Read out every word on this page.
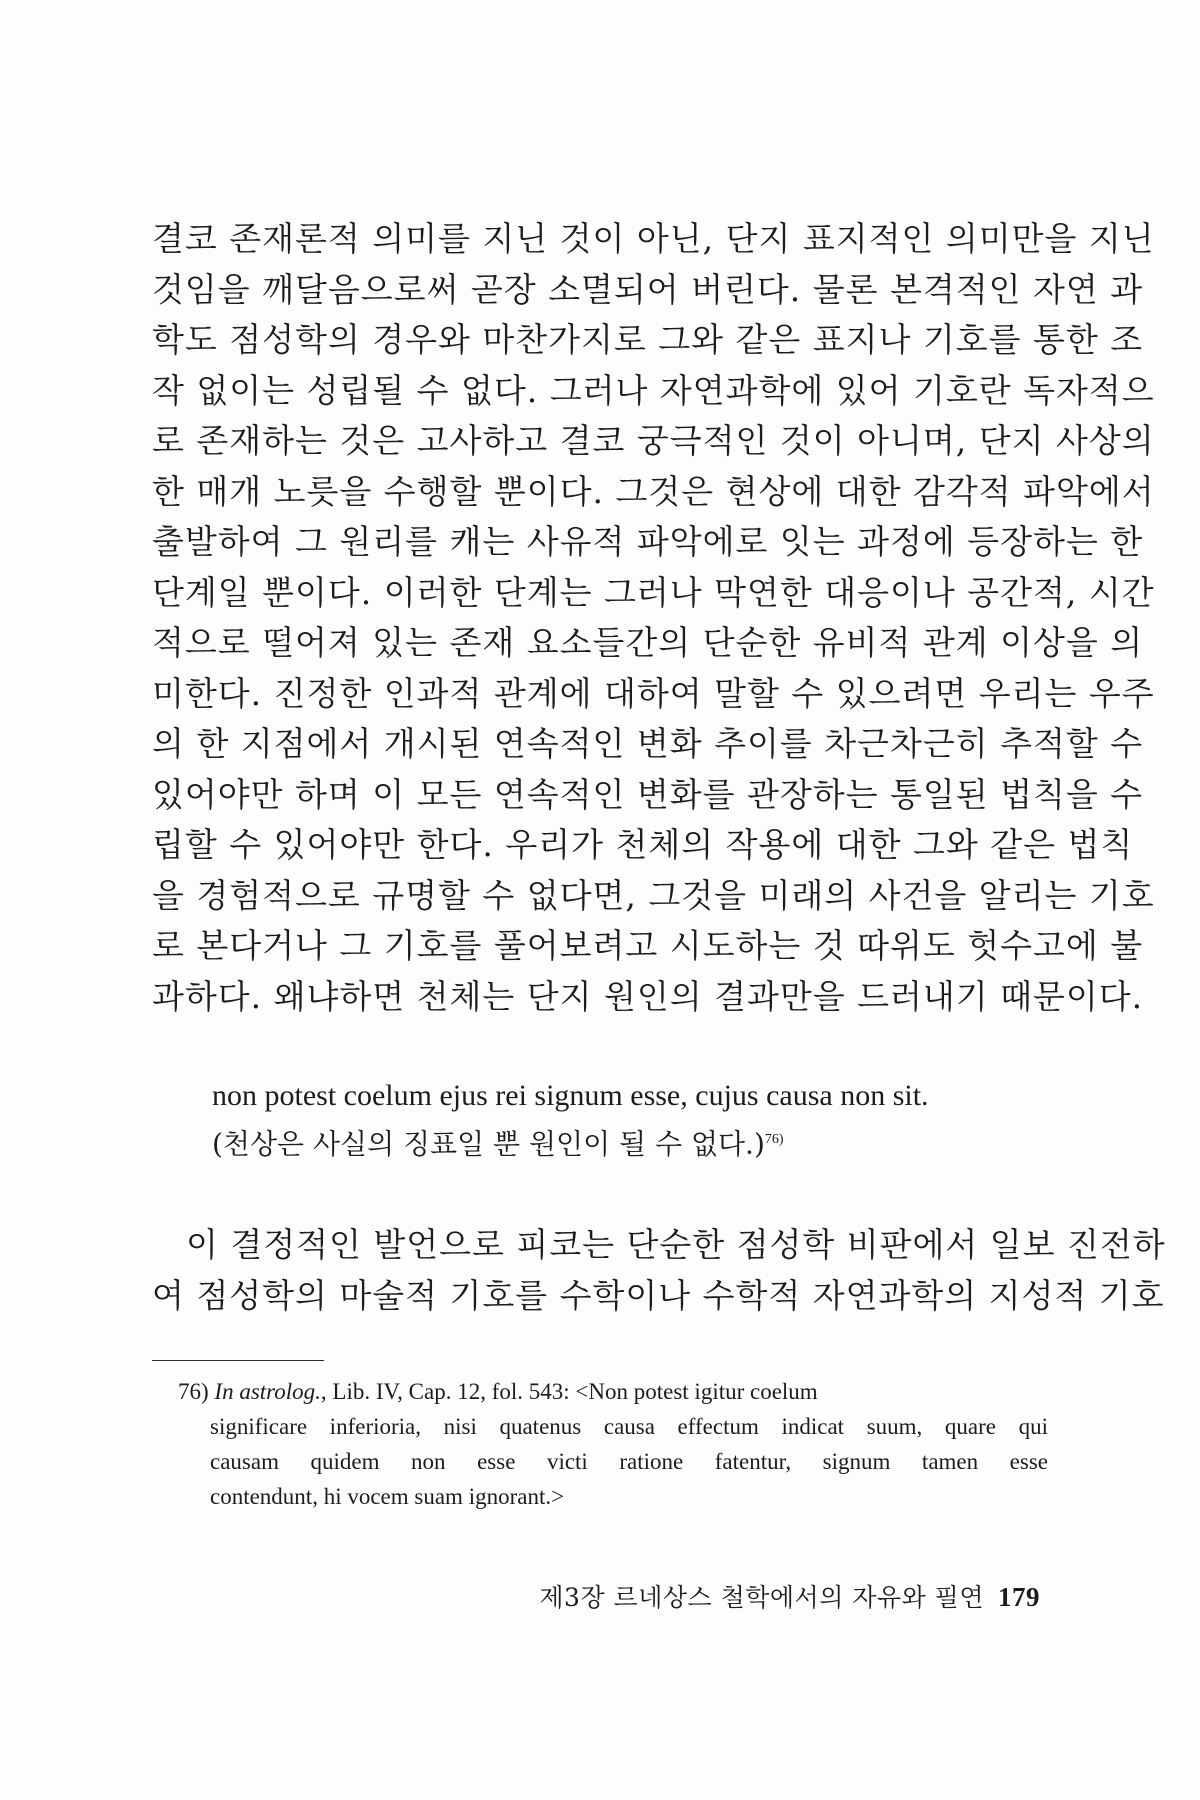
결코 존재론적 의미를 지닌 것이 아닌, 단지 표지적인 의미만을 지닌
것임을 깨달음으로써 곧장 소멸되어 버린다. 물론 본격적인 자연 과
학도 점성학의 경우와 마찬가지로 그와 같은 표지나 기호를 통한 조
작 없이는 성립될 수 없다. 그러나 자연과학에 있어 기호란 독자적으
로 존재하는 것은 고사하고 결코 궁극적인 것이 아니며, 단지 사상의
한 매개 노릇을 수행할 뿐이다. 그것은 현상에 대한 감각적 파악에서
출발하여 그 원리를 캐는 사유적 파악에로 잇는 과정에 등장하는 한
단계일 뿐이다. 이러한 단계는 그러나 막연한 대응이나 공간적, 시간
적으로 떨어져 있는 존재 요소들간의 단순한 유비적 관계 이상을 의
미한다. 진정한 인과적 관계에 대하여 말할 수 있으려면 우리는 우주
의 한 지점에서 개시된 연속적인 변화 추이를 차근차근히 추적할 수
있어야만 하며 이 모든 연속적인 변화를 관장하는 통일된 법칙을 수
립할 수 있어야만 한다. 우리가 천체의 작용에 대한 그와 같은 법칙
을 경험적으로 규명할 수 없다면, 그것을 미래의 사건을 알리는 기호
로 본다거나 그 기호를 풀어보려고 시도하는 것 따위도 헛수고에 불
과하다. 왜냐하면 천체는 단지 원인의 결과만을 드러내기 때문이다.
non potest coelum ejus rei signum esse, cujus causa non sit.
(천상은 사실의 징표일 뿐 원인이 될 수 없다.)$^{76)}$
이 결정적인 발언으로 피코는 단순한 점성학 비판에서 일보 진전하
여 점성학의 마술적 기호를 수학이나 수학적 자연과학의 지성적 기호
76) In astrolog., Lib. IV, Cap. 12, fol. 543: <Non potest igitur coelum
significare inferioria, nisi quatenus causa effectum indicat suum, quare qui
causam quidem non esse victi ratione fatentur, signum tamen esse
contendunt, hi vocem suam ignorant.>
제3장 르네상스 철학에서의 자유와 필연 179
